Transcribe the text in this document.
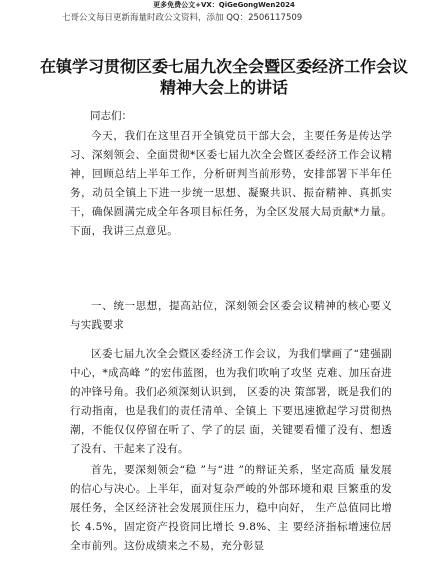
更多免费公文+VX：QiGeGongWen2024
七哥公文每日更新海量时政公文资料，添加 QQ：2506117509
在镇学习贯彻区委七届九次全会暨区委经济工作会议精神大会上的讲话
同志们：
今天，我们在这里召开全镇党员干部大会，主要任务是传达学习、深刻领会、全面贯彻*区委七届九次全会暨区委经济工作会议精神，回顾总结上半年工作，分析研判当前形势，安排部署下半年任务，动员全镇上下进一步统一思想、凝聚共识、振奋精神、真抓实干，确保圆满完成全年各项目标任务，为全区发展大局贡献*力量。下面，我讲三点意见。
一、统一思想，提高站位，深刻领会区委会议精神的核心要义与实践要求
区委七届九次全会暨区委经济工作会议，为我们擘画了“建强副中心，*成高峰 ”的宏伟蓝图，也为我们吹响了攻坚 克难、加压奋进的冲锋号角。我们必须深刻认识到， 区委的决 策部署，既是我们的行动指南，也是我们的责任清单、全镇上 下要迅速掀起学习贯彻热潮，不能仅仅停留在听了、学了的层 面，关键要看懂了没有、想透了没有、干起来了没有。
首先，要深刻领会“稳 ”与“进 ”的辩证关系，坚定高质 量发展的信心与决心。上半年，面对复杂严峻的外部环境和艰 巨繁重的发展任务，全区经济社会发展顶住压力，稳中向好， 生产总值同比增长 4.5%，固定资产投资同比增长 9.8%、主 要经济指标增速位居全市前列。这份成绩来之不易，充分彰显
